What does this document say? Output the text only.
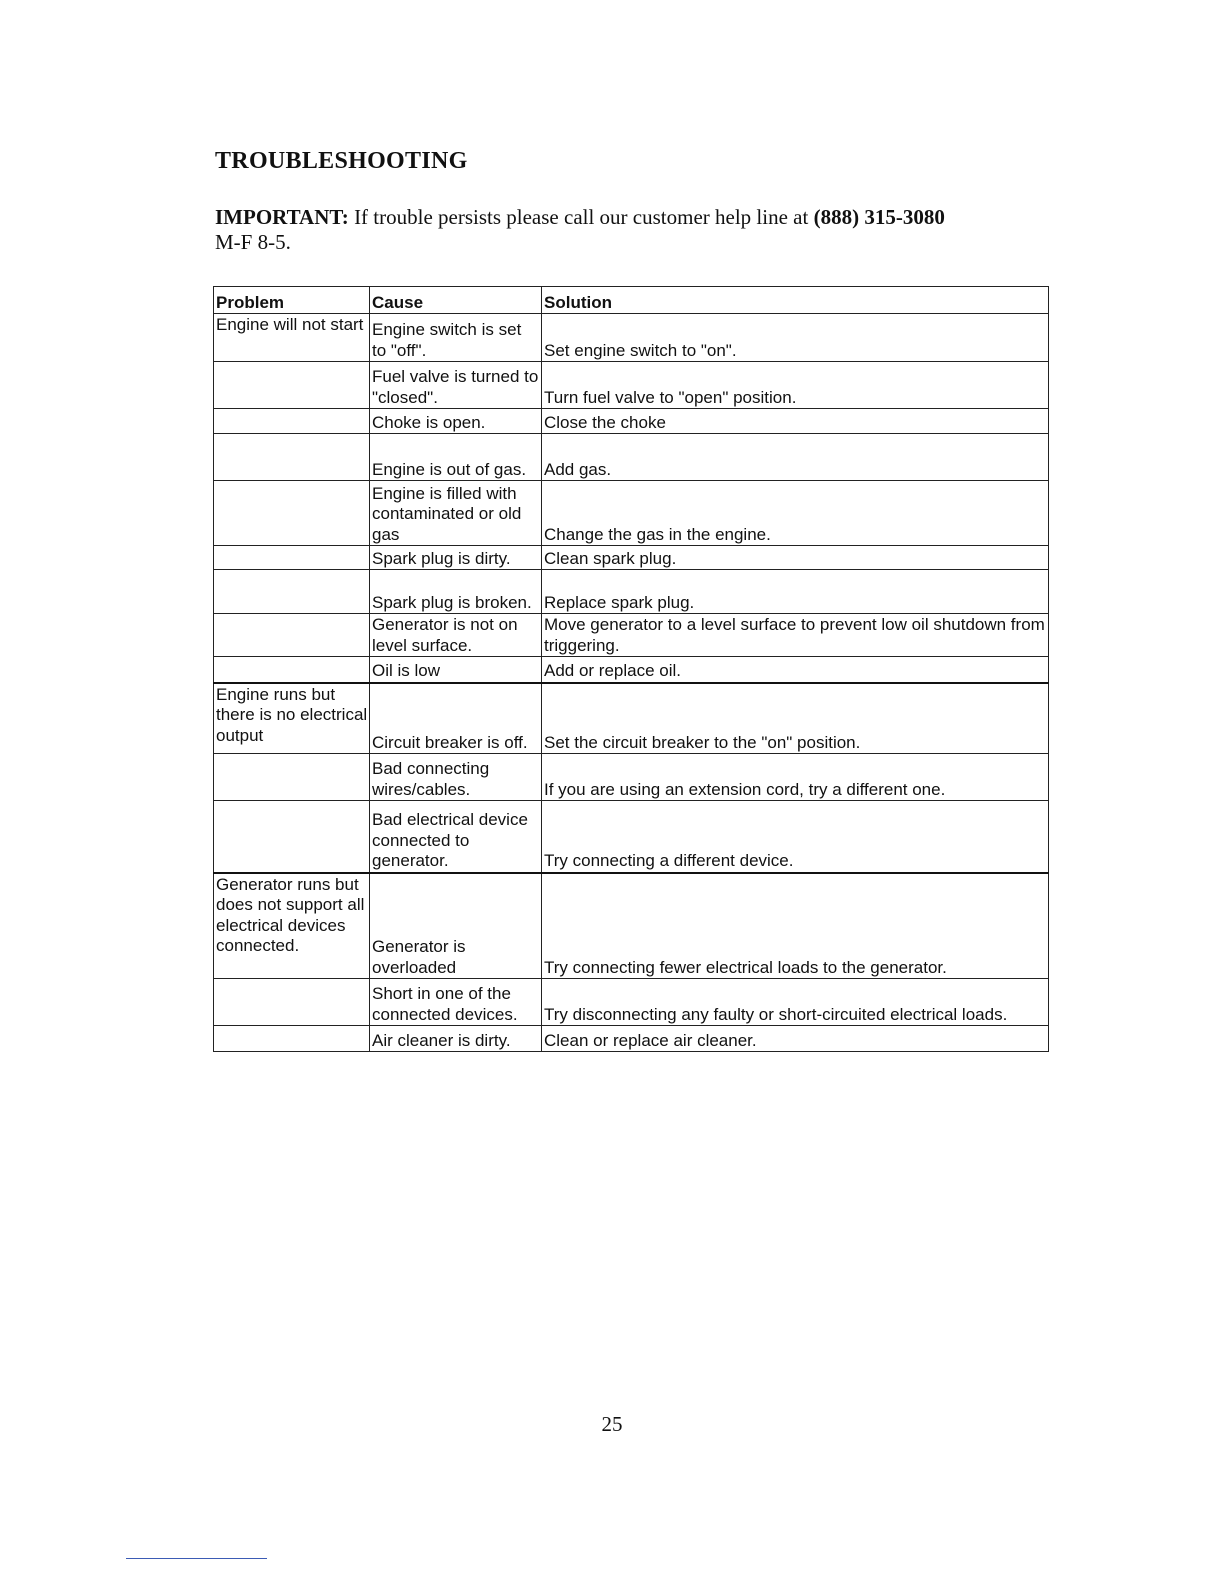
TROUBLESHOOTING
IMPORTANT: If trouble persists please call our customer help line at (888) 315-3080
M-F 8-5.
Problem	Cause	Solution
Engine will not start	Engine switch is set to "off".	Set engine switch to "on".
	Fuel valve is turned to "closed".	Turn fuel valve to "open" position.
	Choke is open.	Close the choke
	Engine is out of gas.	Add gas.
	Engine is filled with contaminated or old gas	Change the gas in the engine.
	Spark plug is dirty.	Clean spark plug.
	Spark plug is broken.	Replace spark plug.
	Generator is not on level surface.	Move generator to a level surface to prevent low oil shutdown from triggering.
	Oil is low	Add or replace oil.
Engine runs but there is no electrical output	Circuit breaker is off.	Set the circuit breaker to the "on" position.
	Bad connecting wires/cables.	If you are using an extension cord, try a different one.
	Bad electrical device connected to generator.	Try connecting a different device.
Generator runs but does not support all electrical devices connected.	Generator is overloaded	Try connecting fewer electrical loads to the generator.
	Short in one of the connected devices.	Try disconnecting any faulty or short-circuited electrical loads.
	Air cleaner is dirty.	Clean or replace air cleaner.
25
